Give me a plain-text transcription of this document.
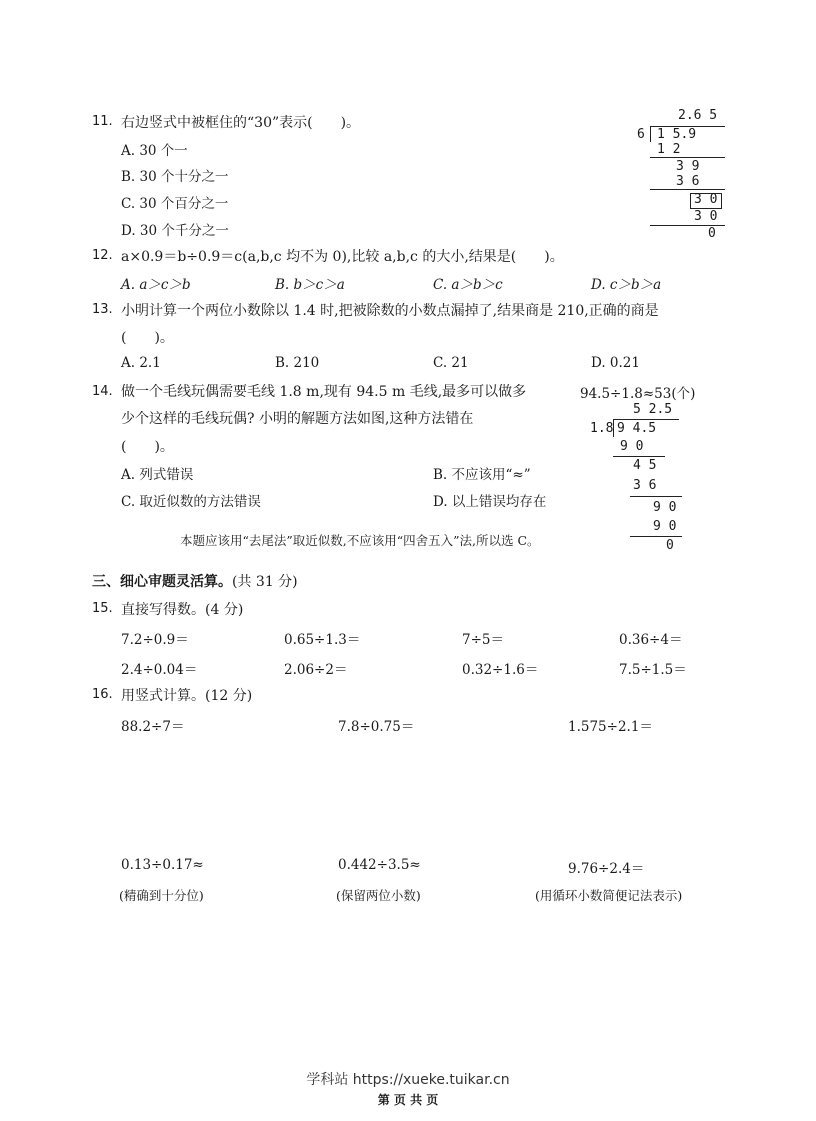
11. 右边竖式中被框住的“30”表示(　　)。
A. 30 个一
B. 30 个十分之一
C. 30 个百分之一
D. 30 个千分之一
2.6 5
6 1 5.9
1 2
3 9
3 6
3 0
3 0
0
12. a×0.9＝b÷0.9＝c(a,b,c 均不为 0),比较 a,b,c 的大小,结果是(　　)。
A. a＞c＞b	B. b＞c＞a	C. a＞b＞c	D. c＞b＞a
13. 小明计算一个两位小数除以 1.4 时,把被除数的小数点漏掉了,结果商是 210,正确的商是
(　　)。
A. 2.1	B. 210	C. 21	D. 0.21
14. 做一个毛线玩偶需要毛线 1.8 m,现有 94.5 m 毛线,最多可以做多
少个这样的毛线玩偶? 小明的解题方法如图,这种方法错在
(　　)。
A. 列式错误	B. 不应该用“≈”
C. 取近似数的方法错误	D. 以上错误均存在
94.5÷1.8≈53(个)
5 2.5
1.8 9 4.5
9 0
4 5
3 6
9 0
9 0
0
本题应该用“去尾法”取近似数,不应该用“四舍五入”法,所以选 C。
三、细心审题灵活算。(共 31 分)
15. 直接写得数。(4 分)
7.2÷0.9＝	0.65÷1.3＝	7÷5＝	0.36÷4＝
2.4÷0.04＝	2.06÷2＝	0.32÷1.6＝	7.5÷1.5＝
16. 用竖式计算。(12 分)
88.2÷7＝	7.8÷0.75＝	1.575÷2.1＝
0.13÷0.17≈	0.442÷3.5≈	9.76÷2.4＝
(精确到十分位)	(保留两位小数)	(用循环小数简便记法表示)
学科站 https://xueke.tuikar.cn
第 页 共 页
